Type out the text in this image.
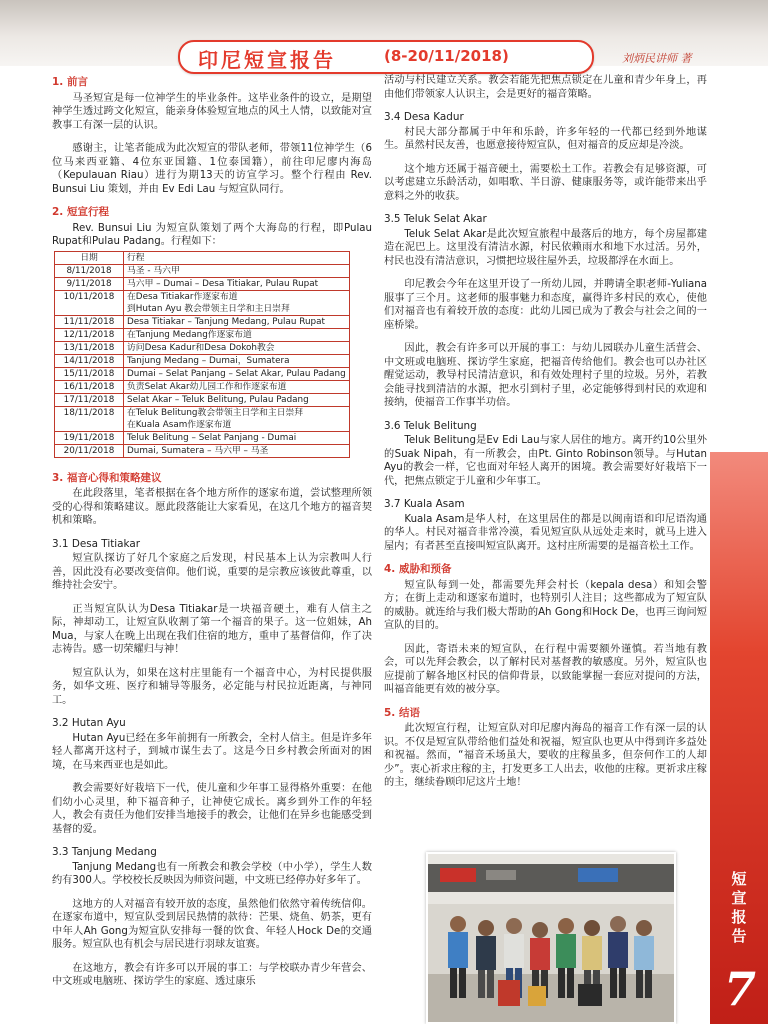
印尼短宣报告	(8-20/11/2018)	刘炳民讲师 著
1. 前言

马圣短宣是每一位神学生的毕业条件。这毕业条件的设立，是期望神学生透过跨文化短宣，能亲身体验短宣地点的风土人情，以致能对宣教事工有深一层的认识。

感谢主，让笔者能成为此次短宣的带队老师，带领11位神学生（6位马来西亚籍、4位东亚国籍、1位泰国籍），前往印尼廖内海岛（Kepulauan Riau）进行为期13天的访宣学习。整个行程由 Rev. Bunsui Liu 策划，并由 Ev Edi Lau 与短宣队同行。

2. 短宣行程

Rev. Bunsui Liu 为短宣队策划了两个大海岛的行程，即Pulau Rupat和Pulau Padang。行程如下：

日期	行程
8/11/2018	马圣 - 马六甲
9/11/2018	马六甲 – Dumai – Desa Titiakar, Pulau Rupat
10/11/2018	在Desa Titiakar作逐家布道
到Hutan Ayu 教会带领主日学和主日崇拜
11/11/2018	Desa Titiakar – Tanjung Medang, Pulau Rupat
12/11/2018	在Tanjung Medang作逐家布道
13/11/2018	访问Desa Kadur和Desa Dokoh教会
14/11/2018	Tanjung Medang – Dumai，Sumatera
15/11/2018	Dumai – Selat Panjang – Selat Akar, Pulau Padang
16/11/2018	负责Selat Akar幼儿园工作和作逐家布道
17/11/2018	Selat Akar – Teluk Belitung, Pulau Padang
18/11/2018	在Teluk Belitung教会带领主日学和主日崇拜
在Kuala Asam作逐家布道
19/11/2018	Teluk Belitung – Selat Panjang - Dumai
20/11/2018	Dumai, Sumatera – 马六甲 – 马圣
3. 福音心得和策略建议

在此段落里，笔者根据在各个地方所作的逐家布道，尝试整理所领受的心得和策略建议。愿此段落能让大家看见，在这几个地方的福音契机和策略。

3.1 Desa Titiakar

短宣队探访了好几个家庭之后发现，村民基本上认为宗教叫人行善，因此没有必要改变信仰。他们说，重要的是宗教应该彼此尊重，以维持社会安宁。

正当短宣队认为Desa Titiakar是一块福音硬土，难有人信主之际，神却动工，让短宣队收割了第一个福音的果子。这一位姐妹，Ah　Mua，与家人在晚上出现在我们住宿的地方，重申了基督信仰，作了决志祷告。感一切荣耀归与神！

短宣队认为，如果在这村庄里能有一个福音中心，为村民提供服务，如华文班、医疗和辅导等服务，必定能与村民拉近距离，与神同工。

3.2 Hutan Ayu

Hutan Ayu已经在多年前拥有一所教会，全村人信主。但是许多年轻人都离开这村子，到城市谋生去了。这是今日乡村教会所面对的困境，在马来西亚也是如此。

教会需要好好栽培下一代，使儿童和少年事工显得格外重要：在他们幼小心灵里，种下福音种子，让神使它成长。离乡到外工作的年轻人，教会有责任为他们安排当地接手的教会，让他们在异乡也能感受到基督的爱。

3.3 Tanjung Medang

Tanjung Medang也有一所教会和教会学校（中小学），学生人数约有300人。学校校长反映因为师资问题，中文班已经停办好多年了。

这地方的人对福音有较开放的态度，虽然他们依然守着传统信仰。在逐家布道中，短宣队受到居民热情的款待：芒果、烧鱼、奶茶，更有中年人Ah Gong为短宣队安排每一餐的饮食、年轻人Hock De的交通服务。短宣队也有机会与居民进行羽球友谊赛。

在这地方，教会有许多可以开展的事工：与学校联办青少年营会、中文班或电脑班、探访学生的家庭、透过康乐

活动与村民建立关系。教会若能先把焦点锁定在儿童和青少年身上，再由他们带领家人认识主，会是更好的福音策略。

3.4 Desa Kadur

村民大部分都属于中年和乐龄，许多年轻的一代都已经到外地谋生。虽然村民友善，也愿意接待短宣队，但对福音的反应却是冷淡。

这个地方还属于福音硬土，需要松土工作。若教会有足够资源，可以考虑建立乐龄活动，如唱歌、半日游、健康服务等，或许能带来出乎意料之外的收获。

3.5 Teluk Selat Akar

Teluk Selat Akar是此次短宣旅程中最落后的地方，每个房屋都建造在泥巴上。这里没有清洁水源，村民依赖雨水和地下水过活。另外，村民也没有清洁意识，习惯把垃圾往屋外丢，垃圾都浮在水面上。

印尼教会今年在这里开设了一所幼儿园，并聘请全职老师-Yuliana服事了三个月。这老师的服事魅力和态度，赢得许多村民的欢心，使他们对福音也有着较开放的态度：此幼儿园已成为了教会与社会之间的一座桥梁。

因此，教会有许多可以开展的事工：与幼儿园联办儿童生活营会、中文班或电脑班、探访学生家庭，把福音传给他们。教会也可以办社区醒觉运动，教导村民清洁意识，和有效处理村子里的垃圾。另外，若教会能寻找到清洁的水源，把水引到村子里，必定能够得到村民的欢迎和接纳，使福音工作事半功倍。

3.6 Teluk Belitung

Teluk Belitung是Ev Edi Lau与家人居住的地方。离开约10公里外的Suak Nipah，有一所教会，由Pt. Ginto Robinson领导。与Hutan Ayu的教会一样，它也面对年轻人离开的困境。教会需要好好栽培下一代，把焦点锁定于儿童和少年事工。

3.7 Kuala Asam

Kuala Asam是华人村，在这里居住的都是以闽南语和印尼语沟通的华人。村民对福音非常冷漠，看见短宣队从远处走来时，就马上进入屋内；有者甚至直接叫短宣队离开。这村庄所需要的是福音松土工作。

4. 威胁和预备

短宣队每到一处，都需要先拜会村长（kepala desa）和知会警方；在街上走动和逐家布道时，也特别引人注目；这些都成为了短宣队的威胁。就连给与我们极大帮助的Ah Gong和Hock De，也再三询问短宣队的目的。

因此，寄语未来的短宣队，在行程中需要额外谨慎。若当地有教会，可以先拜会教会，以了解村民对基督教的敏感度。另外，短宣队也应提前了解各地区村民的信仰背景，以致能掌握一套应对提问的方法，叫福音能更有效的被分享。

5. 结语

此次短宣行程，让短宣队对印尼廖内海岛的福音工作有深一层的认识。不仅是短宣队带给他们益处和祝福，短宣队也更从中得到许多益处和祝福。然而，“福音禾场虽大，要收的庄稼虽多，但奈何作工的人却少”。衷心祈求庄稼的主，打发更多工人出去，收他的庄稼。更祈求庄稼的主，继续眷顾印尼这片土地！

短宣报告
7
